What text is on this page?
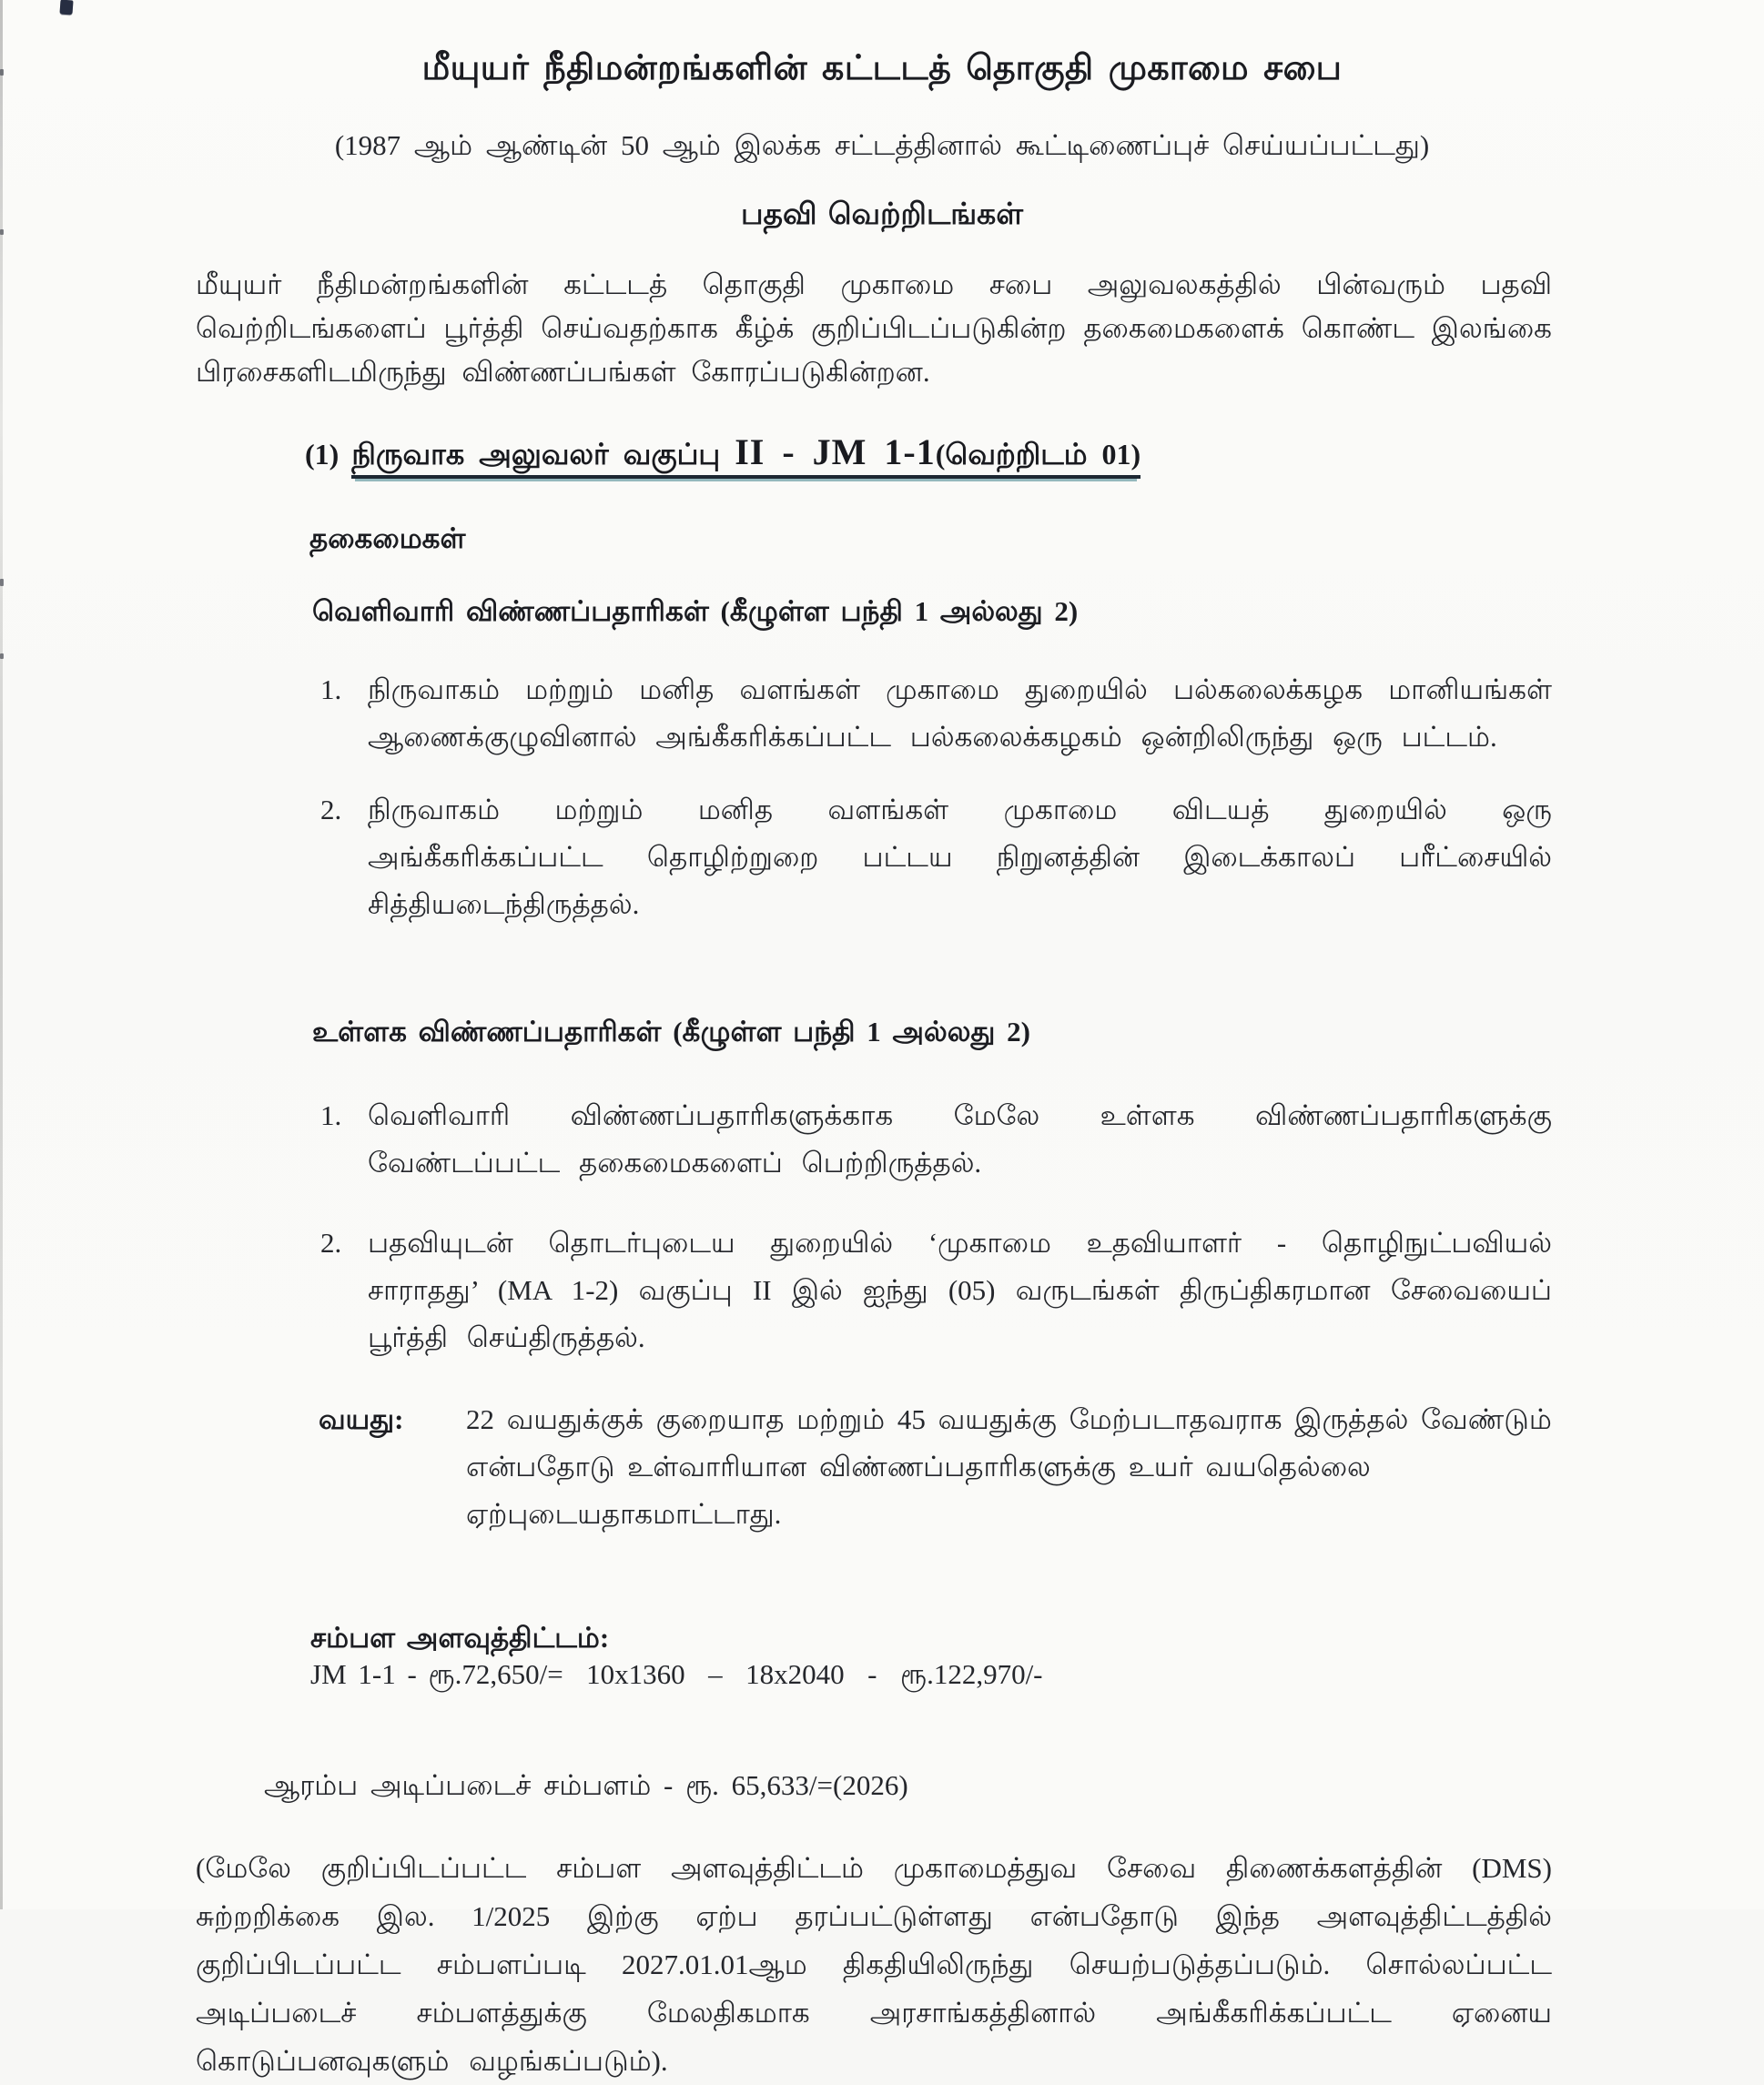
மீயுயர் நீதிமன்றங்களின் கட்டடத் தொகுதி முகாமை சபை
(1987 ஆம் ஆண்டின் 50 ஆம் இலக்க சட்டத்தினால் கூட்டிணைப்புச் செய்யப்பட்டது)
பதவி வெற்றிடங்கள்
மீயுயர் நீதிமன்றங்களின் கட்டடத் தொகுதி முகாமை சபை அலுவலகத்தில் பின்வரும் பதவி வெற்றிடங்களைப் பூர்த்தி செய்வதற்காக கீழ்க் குறிப்பிடப்படுகின்ற தகைமைகளைக் கொண்ட இலங்கை பிரசைகளிடமிருந்து விண்ணப்பங்கள் கோரப்படுகின்றன.
(1) நிருவாக அலுவலர் வகுப்பு II - JM 1-1(வெற்றிடம் 01)
தகைமைகள்
வெளிவாரி விண்ணப்பதாரிகள் (கீழுள்ள பந்தி 1 அல்லது 2)
1. நிருவாகம் மற்றும் மனித வளங்கள் முகாமை துறையில் பல்கலைக்கழக மானியங்கள் ஆணைக்குழுவினால் அங்கீகரிக்கப்பட்ட பல்கலைக்கழகம் ஒன்றிலிருந்து ஒரு பட்டம்.
2. நிருவாகம் மற்றும் மனித வளங்கள் முகாமை விடயத் துறையில் ஒரு அங்கீகரிக்கப்பட்ட தொழிற்றுறை பட்டய நிறுனத்தின் இடைக்காலப் பரீட்சையில் சித்தியடைந்திருத்தல்.
உள்ளக விண்ணப்பதாரிகள் (கீழுள்ள பந்தி 1 அல்லது 2)
1. வெளிவாரி விண்ணப்பதாரிகளுக்காக மேலே உள்ளக விண்ணப்பதாரிகளுக்கு வேண்டப்பட்ட தகைமைகளைப் பெற்றிருத்தல்.
2. பதவியுடன் தொடர்புடைய துறையில் ‘முகாமை உதவியாளர் - தொழிநுட்பவியல் சாராதது’ (MA 1-2) வகுப்பு II இல் ஐந்து (05) வருடங்கள் திருப்திகரமான சேவையைப் பூர்த்தி செய்திருத்தல்.
வயது:	22 வயதுக்குக் குறையாத மற்றும் 45 வயதுக்கு மேற்படாதவராக இருத்தல் வேண்டும் என்பதோடு உள்வாரியான விண்ணப்பதாரிகளுக்கு உயர் வயதெல்லை ஏற்புடையதாகமாட்டாது.

சம்பள அளவுத்திட்டம்:
JM 1-1 - ரூ.72,650/=  10x1360  –  18x2040  -  ரூ.122,970/-

ஆரம்ப அடிப்படைச் சம்பளம் - ரூ. 65,633/=(2026)
(மேலே குறிப்பிடப்பட்ட சம்பள அளவுத்திட்டம் முகாமைத்துவ சேவை திணைக்களத்தின் (DMS) சுற்றறிக்கை இல. 1/2025 இற்கு ஏற்ப தரப்பட்டுள்ளது என்பதோடு இந்த அளவுத்திட்டத்தில் குறிப்பிடப்பட்ட சம்பளப்படி 2027.01.01ஆம திகதியிலிருந்து செயற்படுத்தப்படும். சொல்லப்பட்ட அடிப்படைச் சம்பளத்துக்கு மேலதிகமாக அரசாங்கத்தினால் அங்கீகரிக்கப்பட்ட ஏனைய கொடுப்பனவுகளும் வழங்கப்படும்).
